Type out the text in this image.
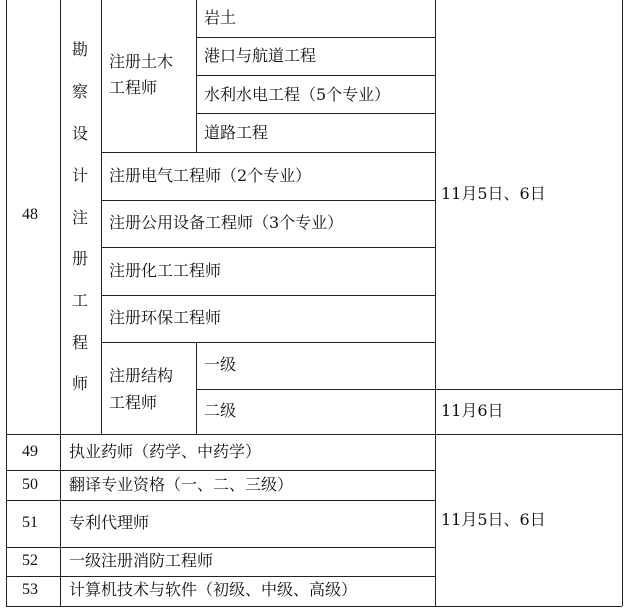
48
勘
察
设
计
注
册
工
程
师
注册土木
工程师
岩土
港口与航道工程
水利水电工程（5个专业）
道路工程
注册电气工程师（2个专业）
注册公用设备工程师（3个专业）
注册化工工程师
注册环保工程师
注册结构
工程师
一级
二级
11月5日、6日
11月6日
49 执业药师（药学、中药学）
50 翻译专业资格（一、二、三级）
51 专利代理师
52 一级注册消防工程师
53 计算机技术与软件（初级、中级、高级）
11月5日、6日
